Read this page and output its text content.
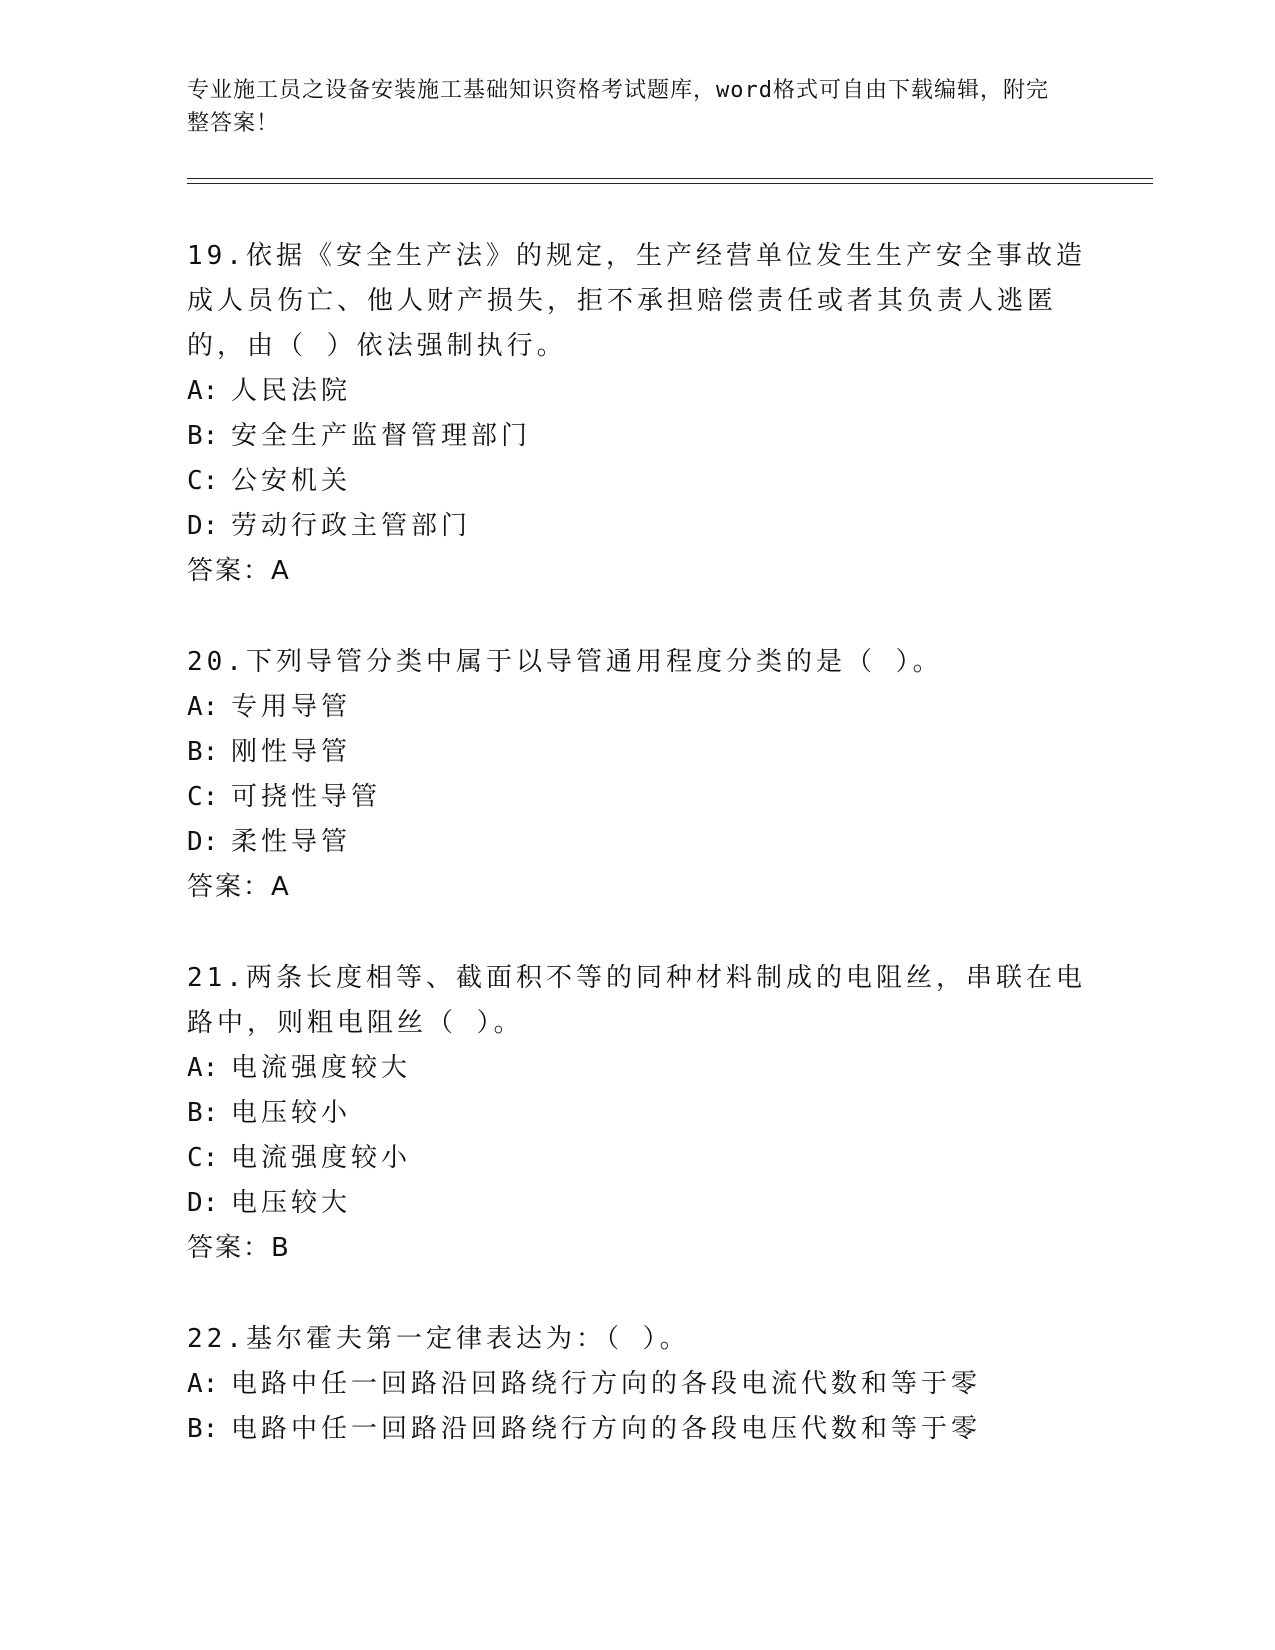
专业施工员之设备安装施工基础知识资格考试题库，word格式可自由下载编辑，附完整答案！
19.依据《安全生产法》的规定，生产经营单位发生生产安全事故造成人员伤亡、他人财产损失，拒不承担赔偿责任或者其负责人逃匿的，由（ ）依法强制执行。
A: 人民法院
B: 安全生产监督管理部门
C: 公安机关
D: 劳动行政主管部门
答案：A
20.下列导管分类中属于以导管通用程度分类的是（ ）。
A: 专用导管
B: 刚性导管
C: 可挠性导管
D: 柔性导管
答案：A
21.两条长度相等、截面积不等的同种材料制成的电阻丝，串联在电路中，则粗电阻丝（ ）。
A: 电流强度较大
B: 电压较小
C: 电流强度较小
D: 电压较大
答案：B
22.基尔霍夫第一定律表达为：（ ）。
A: 电路中任一回路沿回路绕行方向的各段电流代数和等于零
B: 电路中任一回路沿回路绕行方向的各段电压代数和等于零
